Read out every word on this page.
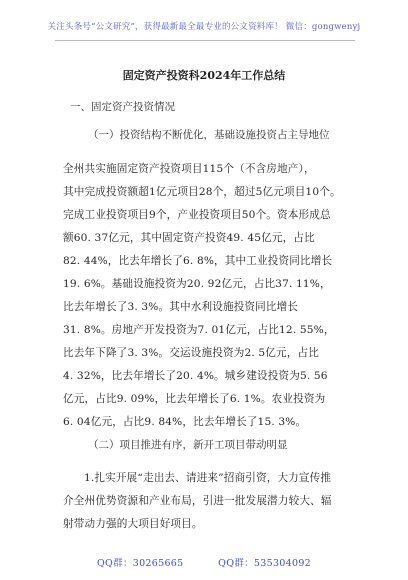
关注头条号“公文研究”，获得最新最全最专业的公文资料库！ 微信：gongwenyj
固定资产投资科2024年工作总结
一、固定资产投资情况
（一）投资结构不断优化，基础设施投资占主导地位
全州共实施固定资产投资项目115个（不含房地产），
其中完成投资额超1亿元项目28个，超过5亿元项目10个。
完成工业投资项目9个，产业投资项目50个。资本形成总
额60. 37亿元，其中固定资产投资49. 45亿元，占比
82. 44%，比去年增长了6. 8%，其中工业投资同比增长
19. 6%。基础设施投资为20. 92亿元，占比37. 11%，
比去年增长了3. 3%。其中水利设施投资同比增长
31. 8%。房地产开发投资为7. 01亿元，占比12. 55%，
比去年下降了3. 3%。交运设施投资为2. 5亿元，占比
4. 32%，比去年增长了20. 4%。城乡建设投资为5. 56
亿元，占比9. 09%，比去年增长了6. 1%。农业投资为
6. 04亿元，占比9. 84%，比去年增长了15. 3%。
（二）项目推进有序，新开工项目带动明显
1.扎实开展“走出去、请进来”招商引资，大力宣传推
介全州优势资源和产业布局，引进一批发展潜力较大、辐
射带动力强的大项目好项目。
QQ群：30265665	QQ群：535304092
